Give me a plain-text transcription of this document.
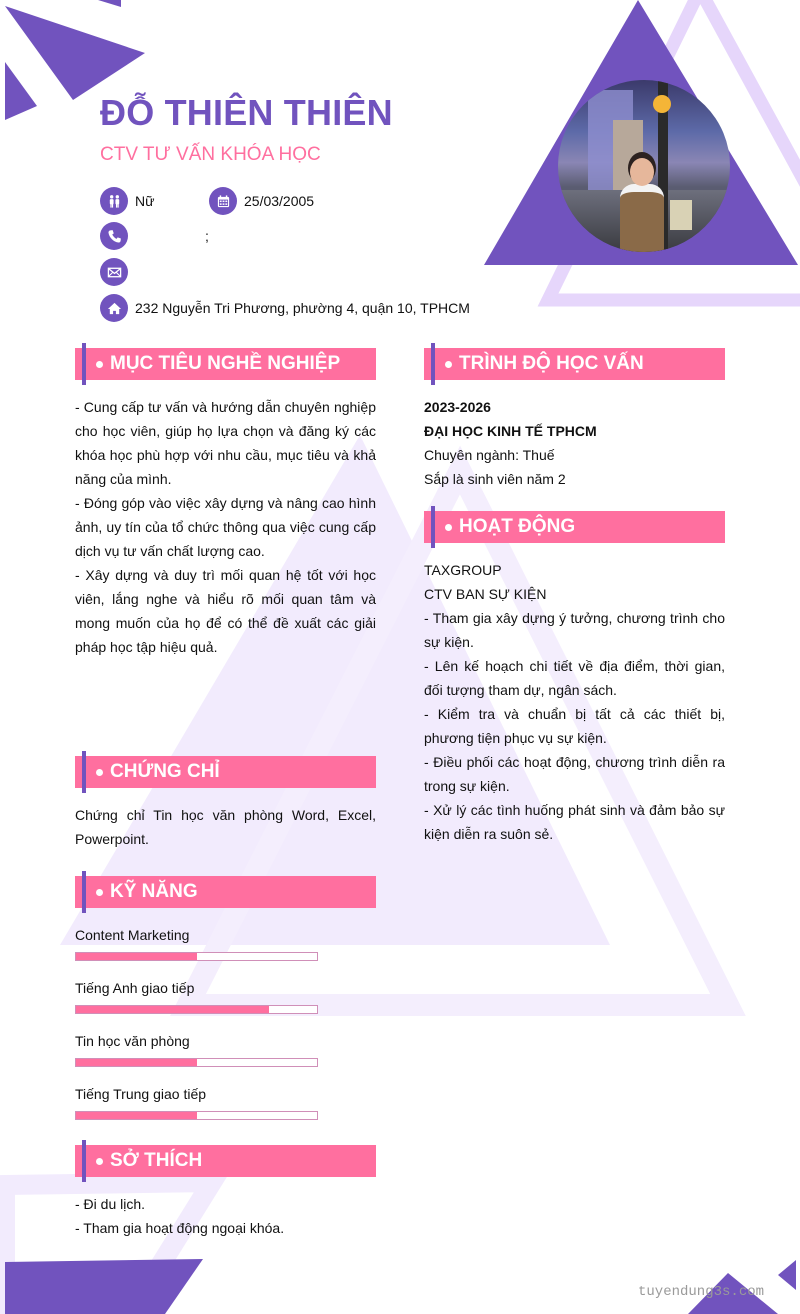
ĐỖ THIÊN THIÊN
CTV TƯ VẤN KHÓA HỌC
Nữ	25/03/2005
;
232 Nguyễn Tri Phương, phường 4, quận 10, TPHCM
MỤC TIÊU NGHỀ NGHIỆP

- Cung cấp tư vấn và hướng dẫn chuyên nghiệp cho học viên, giúp họ lựa chọn và đăng ký các khóa học phù hợp với nhu cầu, mục tiêu và khả năng của mình.

- Đóng góp vào việc xây dựng và nâng cao hình ảnh, uy tín của tổ chức thông qua việc cung cấp dịch vụ tư vấn chất lượng cao.

- Xây dựng và duy trì mối quan hệ tốt với học viên, lắng nghe và hiểu rõ mối quan tâm và mong muốn của họ để có thể đề xuất các giải pháp học tập hiệu quả.

CHỨNG CHỈ

Chứng chỉ Tin học văn phòng Word, Excel, Powerpoint.

KỸ NĂNG
Content Marketing
Tiếng Anh giao tiếp
Tin học văn phòng
Tiếng Trung giao tiếp
SỞ THÍCH

- Đi du lịch.

- Tham gia hoạt động ngoại khóa.

TRÌNH ĐỘ HỌC VẤN

2023-2026

ĐẠI HỌC KINH TẾ TPHCM

Chuyên ngành: Thuế

Sắp là sinh viên năm 2

HOẠT ĐỘNG

TAXGROUP

CTV BAN SỰ KIỆN

- Tham gia xây dựng ý tưởng, chương trình cho sự kiện.

- Lên kế hoạch chi tiết về địa điểm, thời gian, đối tượng tham dự, ngân sách.

- Kiểm tra và chuẩn bị tất cả các thiết bị, phương tiện phục vụ sự kiện.

- Điều phối các hoạt động, chương trình diễn ra trong sự kiện.

- Xử lý các tình huống phát sinh và đảm bảo sự kiện diễn ra suôn sẻ.

tuyendung3s.com
